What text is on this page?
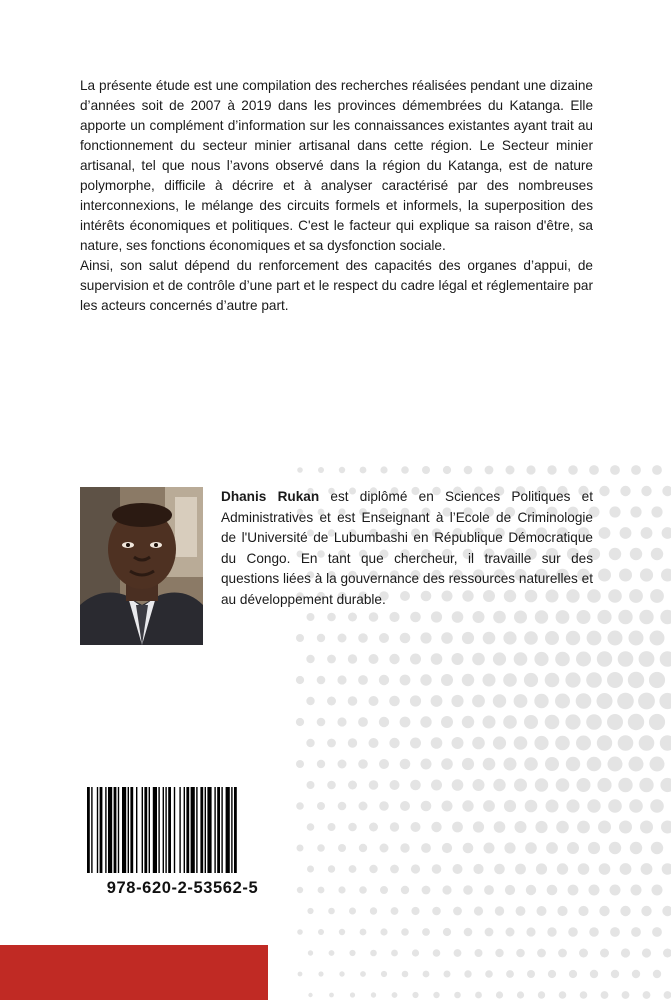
La présente étude est une compilation des recherches réalisées pendant une dizaine d’années soit de 2007 à 2019 dans les provinces démembrées du Katanga. Elle apporte un complément d’information sur les connaissances existantes ayant trait au fonctionnement du secteur minier artisanal dans cette région. Le Secteur minier artisanal, tel que nous l’avons observé dans la région du Katanga, est de nature polymorphe, difficile à décrire et à analyser caractérisé par des nombreuses interconnexions, le mélange des circuits formels et informels, la superposition des intérêts économiques et politiques. C'est le facteur qui explique sa raison d'être, sa nature, ses fonctions économiques et sa dysfonction sociale.

Ainsi, son salut dépend du renforcement des capacités des organes d’appui, de supervision et de contrôle d’une part et le respect du cadre légal et réglementaire par les acteurs concernés d’autre part.

Dhanis Rukan est diplômé en Sciences Politiques et Administratives et est Enseignant à l’Ecole de Criminologie de l'Université de Lubumbashi en République Démocratique du Congo. En tant que chercheur, il travaille sur des questions liées à la gouvernance des ressources naturelles et au développement durable.

978-620-2-53562-5
